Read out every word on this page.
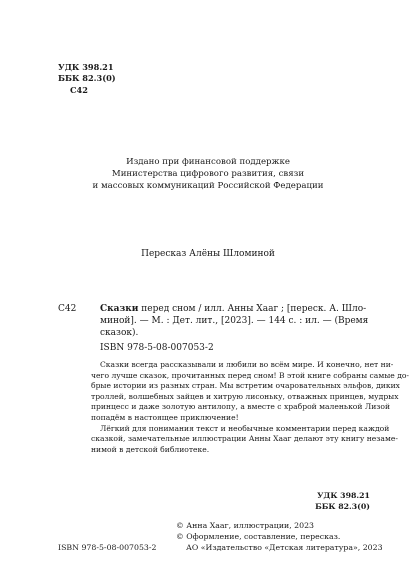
УДК 398.21
ББК 82.3(0)
С42
Издано при финансовой поддержке
Министерства цифрового развития, связи
и массовых коммуникаций Российской Федерации
Пересказ Алёны Шломиной
С42	Сказки перед сном / илл. Анны Хааг ; [переск. А. Шло-
миной]. — М. : Дет. лит., [2023]. — 144 с. : ил. — (Время
сказок).
ISBN 978-5-08-007053-2
Сказки всегда рассказывали и любили во всём мире. И конечно, нет ни-
чего лучше сказок, прочитанных перед сном! В этой книге собраны самые до-
брые истории из разных стран. Мы встретим очаровательных эльфов, диких
троллей, волшебных зайцев и хитрую лисоньку, отважных принцев, мудрых
принцесс и даже золотую антилопу, а вместе с храброй маленькой Лизой
попадём в настоящее приключение!
Лёгкий для понимания текст и необычные комментарии перед каждой
сказкой, замечательные иллюстрации Анны Хааг делают эту книгу незаме-
нимой в детской библиотеке.
УДК 398.21
ББК 82.3(0)
© Анна Хааг, иллюстрации, 2023
© Оформление, составление, пересказ.
АО «Издательство «Детская литература», 2023
ISBN 978-5-08-007053-2
